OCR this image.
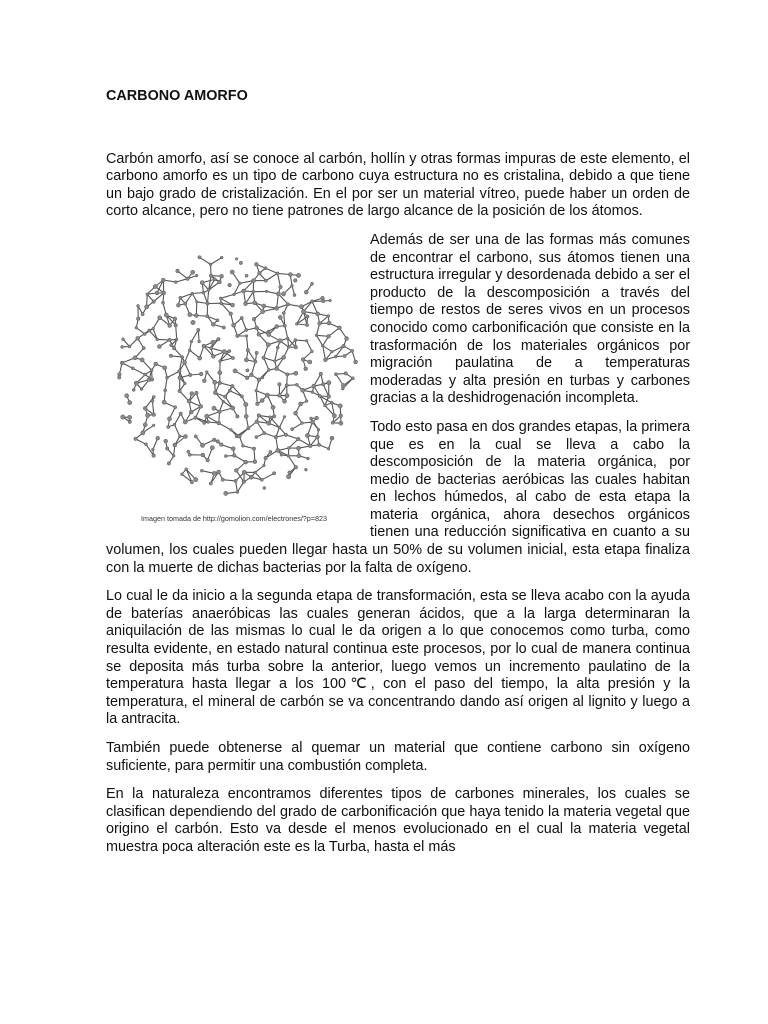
CARBONO AMORFO

Carbón amorfo, así se conoce al carbón, hollín y otras formas impuras de este elemento, el carbono amorfo es un tipo de carbono cuya estructura no es cristalina, debido a que tiene un bajo grado de cristalización. En el por ser un material vítreo, puede haber un orden de corto alcance, pero no tiene patrones de largo alcance de la posición de los átomos.

Imagen tomada de http://gomolion.com/electrones/?p=823

Además de ser una de las formas más comunes de encontrar el carbono, sus átomos tienen una estructura irregular y desordenada debido a ser el producto de la descomposición a través del tiempo de restos de seres vivos en un procesos conocido como carbonificación que consiste en la trasformación de los materiales orgánicos por migración paulatina de a temperaturas moderadas y alta presión en turbas y carbones gracias a la deshidrogenación incompleta.

Todo esto pasa en dos grandes etapas, la primera que es en la cual se lleva a cabo la descomposición de la materia orgánica, por medio de bacterias aeróbicas las cuales habitan en lechos húmedos, al cabo de esta etapa la materia orgánica, ahora desechos orgánicos tienen una reducción significativa en cuanto a su volumen, los cuales pueden llegar hasta un 50% de su volumen inicial, esta etapa finaliza con la muerte de dichas bacterias por la falta de oxígeno.

Lo cual le da inicio a la segunda etapa de transformación, esta se lleva acabo con la ayuda de baterías anaeróbicas las cuales generan ácidos, que a la larga determinaran la aniquilación de las mismas lo cual le da origen a lo que conocemos como turba, como resulta evidente, en estado natural continua este procesos, por lo cual de manera continua se deposita más turba sobre la anterior, luego vemos un incremento paulatino de la temperatura hasta llegar a los 100℃, con el paso del tiempo, la alta presión y la temperatura, el mineral de carbón se va concentrando dando así origen al lignito y luego a la antracita.

También puede obtenerse al quemar un material que contiene carbono sin oxígeno suficiente, para permitir una combustión completa.

En la naturaleza encontramos diferentes tipos de carbones minerales, los cuales se clasifican dependiendo del grado de carbonificación que haya tenido la materia vegetal que origino el carbón. Esto va desde el menos evolucionado en el cual la materia vegetal muestra poca alteración este es la Turba, hasta el más
